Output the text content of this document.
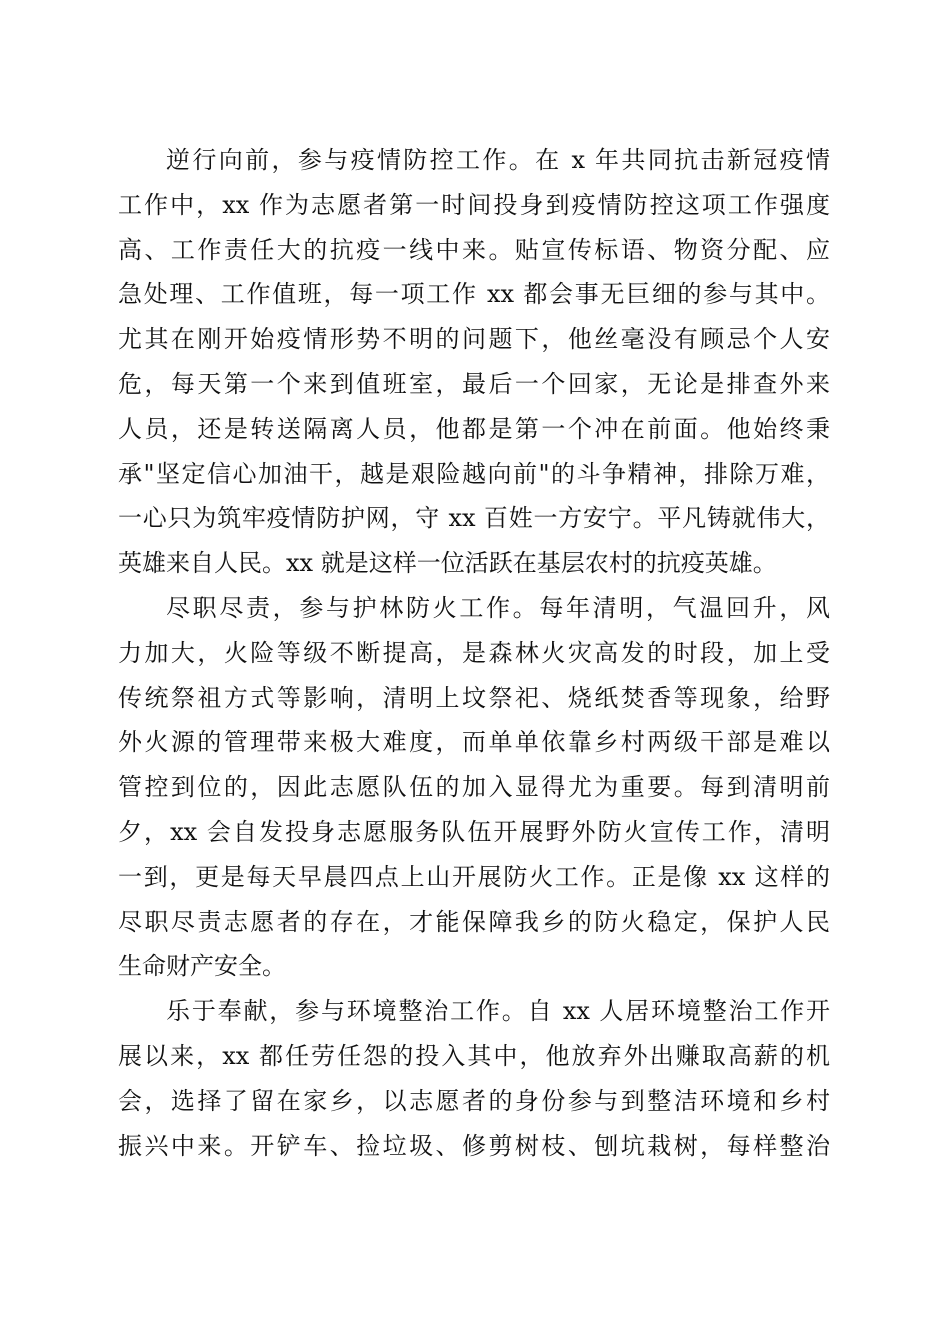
逆行向前，参与疫情防控工作。在 x 年共同抗击新冠疫情
工作中，xx 作为志愿者第一时间投身到疫情防控这项工作强度
高、工作责任大的抗疫一线中来。贴宣传标语、物资分配、应
急处理、工作值班，每一项工作 xx 都会事无巨细的参与其中。
尤其在刚开始疫情形势不明的问题下，他丝毫没有顾忌个人安
危，每天第一个来到值班室，最后一个回家，无论是排查外来
人员，还是转送隔离人员，他都是第一个冲在前面。他始终秉
承"坚定信心加油干，越是艰险越向前"的斗争精神，排除万难，
一心只为筑牢疫情防护网，守 xx 百姓一方安宁。平凡铸就伟大，
英雄来自人民。xx 就是这样一位活跃在基层农村的抗疫英雄。
尽职尽责，参与护林防火工作。每年清明，气温回升，风
力加大，火险等级不断提高，是森林火灾高发的时段，加上受
传统祭祖方式等影响，清明上坟祭祀、烧纸焚香等现象，给野
外火源的管理带来极大难度，而单单依靠乡村两级干部是难以
管控到位的，因此志愿队伍的加入显得尤为重要。每到清明前
夕，xx 会自发投身志愿服务队伍开展野外防火宣传工作，清明
一到，更是每天早晨四点上山开展防火工作。正是像 xx 这样的
尽职尽责志愿者的存在，才能保障我乡的防火稳定，保护人民
生命财产安全。
乐于奉献，参与环境整治工作。自 xx 人居环境整治工作开
展以来，xx 都任劳任怨的投入其中，他放弃外出赚取高薪的机
会，选择了留在家乡，以志愿者的身份参与到整洁环境和乡村
振兴中来。开铲车、捡垃圾、修剪树枝、刨坑栽树，每样整治
